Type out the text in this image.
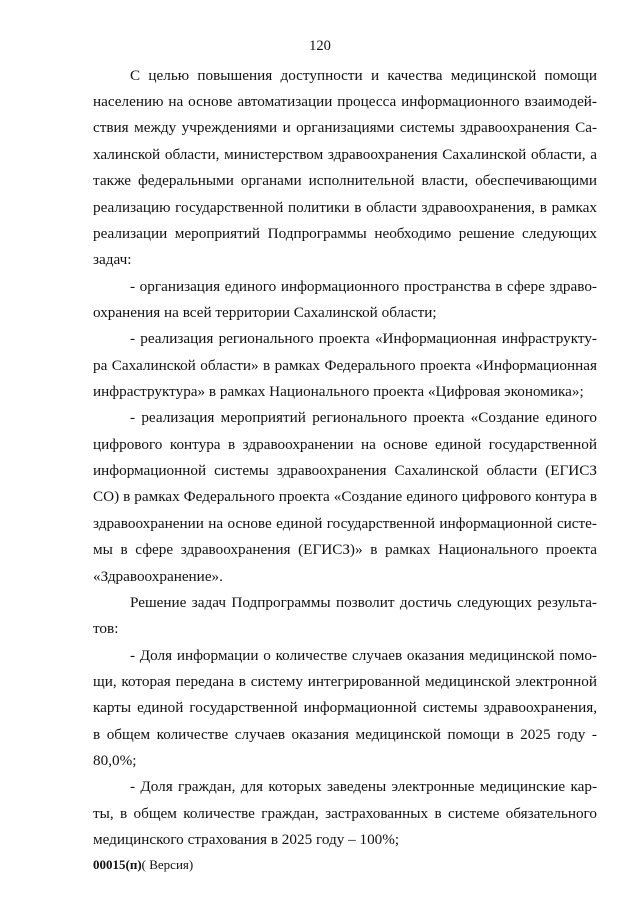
120

С целью повышения доступности и качества медицинской помощи

населению на основе автоматизации процесса информационного взаимодей-

ствия между учреждениями и организациями системы здравоохранения Са-

халинской области, министерством здравоохранения Сахалинской области, а

также федеральными органами исполнительной власти, обеспечивающими

реализацию государственной политики в области здравоохранения, в рамках

реализации мероприятий Подпрограммы необходимо решение следующих

задач:

- организация единого информационного пространства в сфере здраво-

охранения на всей территории Сахалинской области;

- реализация регионального проекта «Информационная инфраструкту-

ра Сахалинской области» в рамках Федерального проекта «Информационная

инфраструктура» в рамках Национального проекта «Цифровая экономика»;

- реализация мероприятий регионального проекта «Создание единого

цифрового контура в здравоохранении на основе единой государственной

информационной системы здравоохранения Сахалинской области (ЕГИСЗ

СО) в рамках Федерального проекта «Создание единого цифрового контура в

здравоохранении на основе единой государственной информационной систе-

мы в сфере здравоохранения (ЕГИСЗ)» в рамках Национального проекта

«Здравоохранение».

Решение задач Подпрограммы позволит достичь следующих результа-

тов:

- Доля информации о количестве случаев оказания медицинской помо-

щи, которая передана в систему интегрированной медицинской электронной

карты единой государственной информационной системы здравоохранения,

в общем количестве случаев оказания медицинской помощи в 2025 году -

80,0%;

- Доля граждан, для которых заведены электронные медицинские кар-

ты, в общем количестве граждан, застрахованных в системе обязательного

медицинского страхования в 2025 году – 100%;

00015(п)( Версия)
